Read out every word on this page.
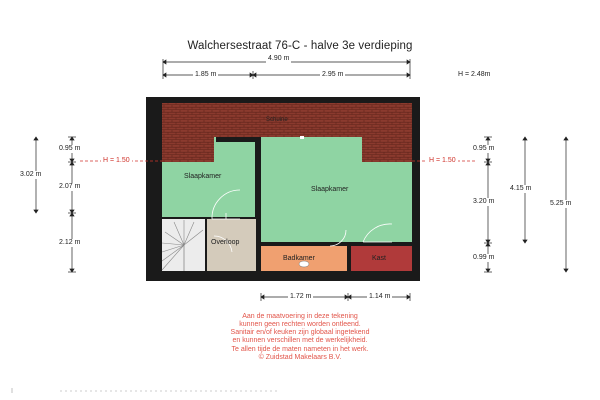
Walchersestraat 76-C - halve 3e verdieping
4.90 m
1.85 m	2.95 m	H = 2.48m
1.72 m	1.14 m
0.95 m
3.02 m
2.07 m
2.12 m
0.95 m
3.20 m
0.99 m
4.15 m
5.25 m
H = 1.50	H = 1.50
Schuine
Slaapkamer
Slaapkamer
Overloop
Badkamer	Kast
Aan de maatvoering in deze tekening
kunnen geen rechten worden ontleend.
Sanitair en/of keuken zijn globaal ingetekend
en kunnen verschillen met de werkelijkheid.
Te allen tijde de maten nameten in het werk.
© Zuidstad Makelaars B.V.
